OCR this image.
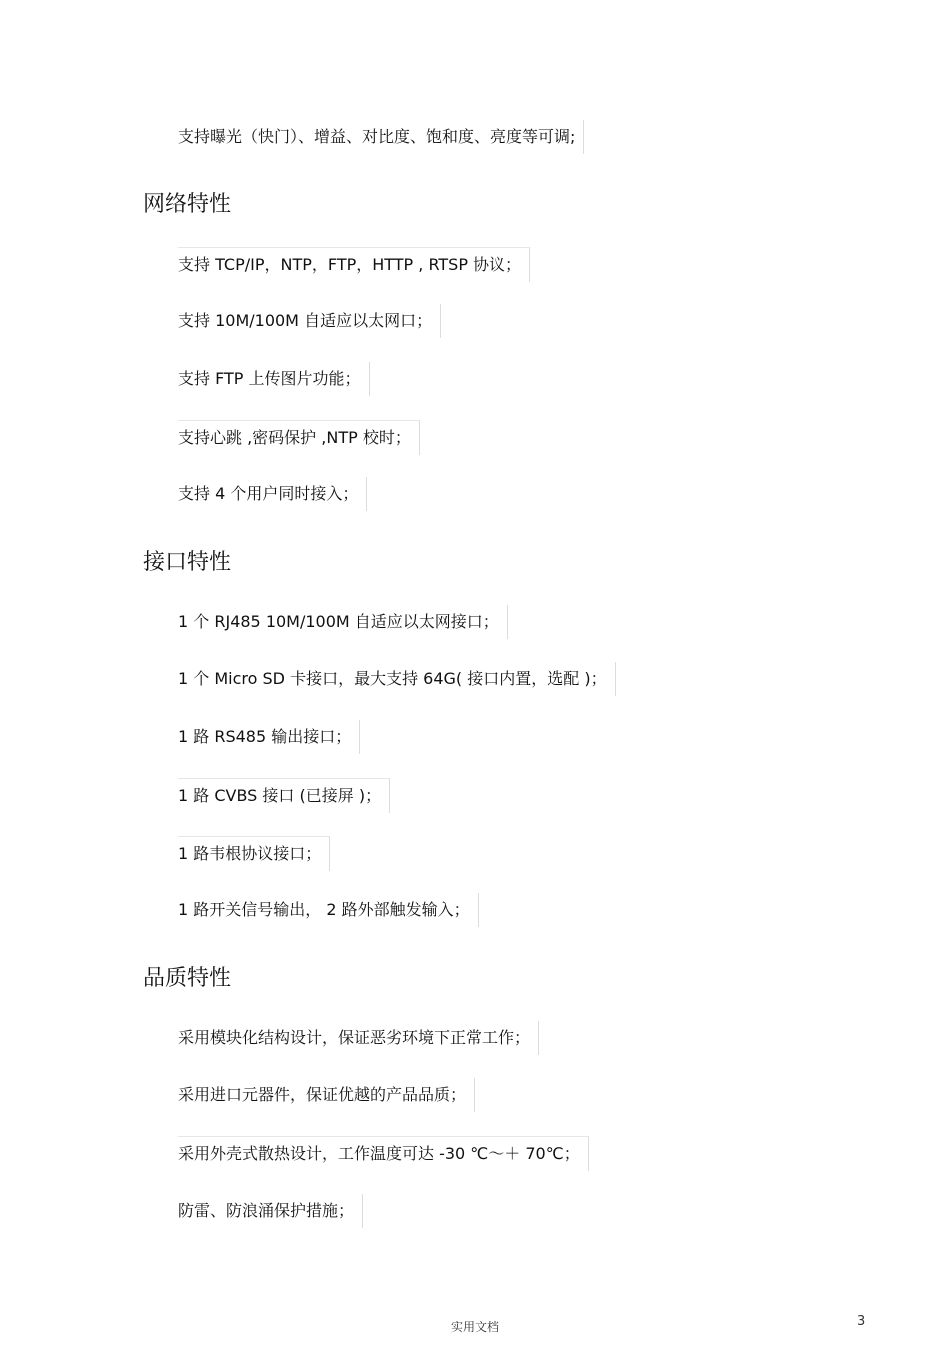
支持曝光（快门）、增益、对比度、饱和度、亮度等可调;
网络特性
支持 TCP/IP，NTP，FTP，HTTP , RTSP 协议；
支持 10M/100M 自适应以太网口；
支持 FTP 上传图片功能；
支持心跳 ,密码保护 ,NTP 校时；
支持 4 个用户同时接入；
接口特性
1 个 RJ485 10M/100M 自适应以太网接口；
1 个 Micro SD 卡接口，最大支持 64G( 接口内置，选配 )；
1 路 RS485 输出接口；
1 路 CVBS 接口 (已接屏 )；
1 路韦根协议接口；
1 路开关信号输出， 2 路外部触发输入；
品质特性
采用模块化结构设计，保证恶劣环境下正常工作；
采用进口元器件，保证优越的产品品质；
采用外壳式散热设计，工作温度可达 -30 ℃～＋ 70℃；
防雷、防浪涌保护措施；
实用文档	3
